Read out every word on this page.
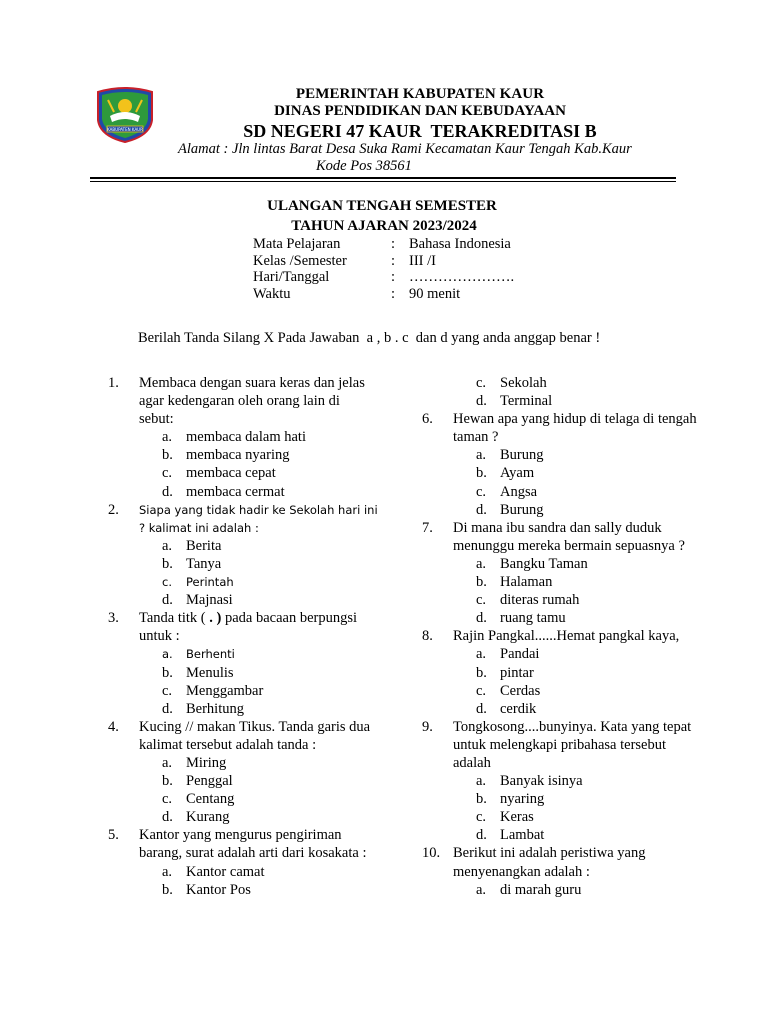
KABUPATEN KAUR
PEMERINTAH KABUPATEN KAUR
DINAS PENDIDIKAN DAN KEBUDAYAAN
SD NEGERI 47 KAUR  TERAKREDITASI B
Alamat : Jln lintas Barat Desa Suka Rami Kecamatan Kaur Tengah Kab.Kaur
Kode Pos 38561
ULANGAN TENGAH SEMESTER
TAHUN AJARAN 2023/2024
Mata Pelajaran	:	Bahasa Indonesia
Kelas /Semester	:	III /I
Hari/Tanggal	:	………………….
Waktu	:	90 menit
Berilah Tanda Silang X Pada Jawaban  a , b . c  dan d yang anda anggap benar !
1.	Membaca dengan suara keras dan jelas agar kedengaran oleh orang lain di sebut:
a. membaca dalam hati
b. membaca nyaring
c. membaca cepat
d. membaca cermat
2.	Siapa yang tidak hadir ke Sekolah hari ini ? kalimat ini adalah :
a. Berita
b. Tanya
c. Perintah
d. Majnasi
3.	Tanda titk ( . ) pada bacaan berpungsi untuk :
a. Berhenti
b. Menulis
c. Menggambar
d. Berhitung
4.	Kucing // makan Tikus. Tanda garis dua kalimat tersebut adalah tanda :
a. Miring
b. Penggal
c. Centang
d. Kurang
5.	Kantor yang mengurus pengiriman barang, surat adalah arti dari kosakata :
a. Kantor camat
b. Kantor Pos
c. Sekolah
d. Terminal
6.	Hewan apa yang hidup di telaga di tengah taman ?
a. Burung
b. Ayam
c. Angsa
d. Burung
7.	Di mana ibu sandra dan sally duduk menunggu mereka bermain sepuasnya ?
a. Bangku Taman
b. Halaman
c. diteras rumah
d. ruang tamu
8.	Rajin Pangkal......Hemat pangkal kaya,
a. Pandai
b. pintar
c. Cerdas
d. cerdik
9.	Tongkosong....bunyinya. Kata yang tepat untuk melengkapi pribahasa tersebut adalah
a. Banyak isinya
b. nyaring
c. Keras
d. Lambat
10. Berikut ini adalah peristiwa yang menyenangkan adalah :
a. di marah guru
